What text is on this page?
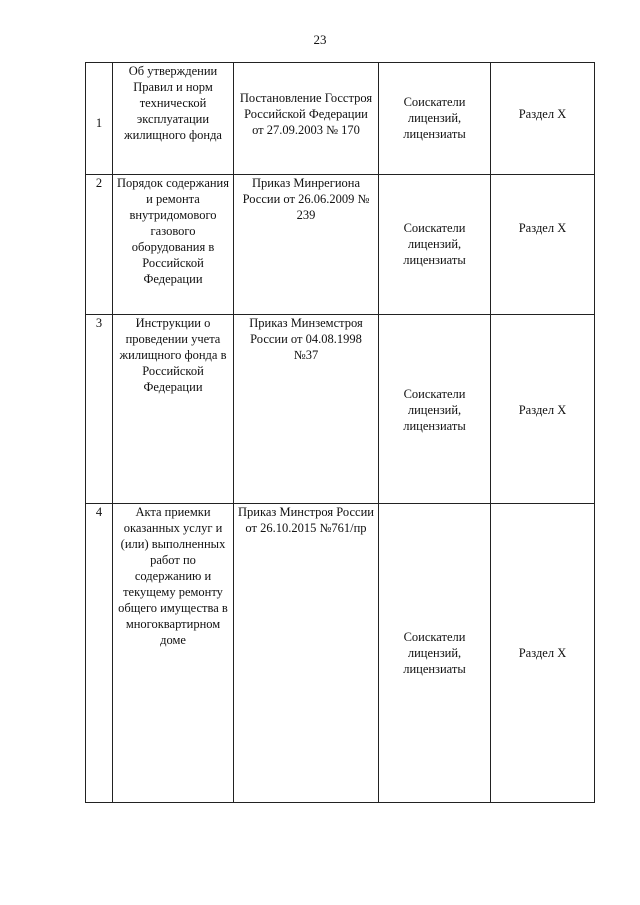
23
1	Об утверждении Правил и норм технической эксплуатации жилищного фонда	Постановление Госстроя Российской Федерации от 27.09.2003 № 170	Соискатели лицензий, лицензиаты	Раздел X

2	Порядок содержания и ремонта внутридомового газового оборудования в Российской Федерации	Приказ Минрегиона России от 26.06.2009 № 239	Соискатели лицензий, лицензиаты	Раздел X

3	Инструкции о проведении учета жилищного фонда в Российской Федерации	Приказ Минземстроя России от 04.08.1998 №37	Соискатели лицензий, лицензиаты	Раздел X

4	Акта приемки оказанных услуг и (или) выполненных работ по содержанию и текущему ремонту общего имущества в многоквартирном доме	Приказ Минстроя России от 26.10.2015 №761/пр	Соискатели лицензий, лицензиаты	Раздел X
